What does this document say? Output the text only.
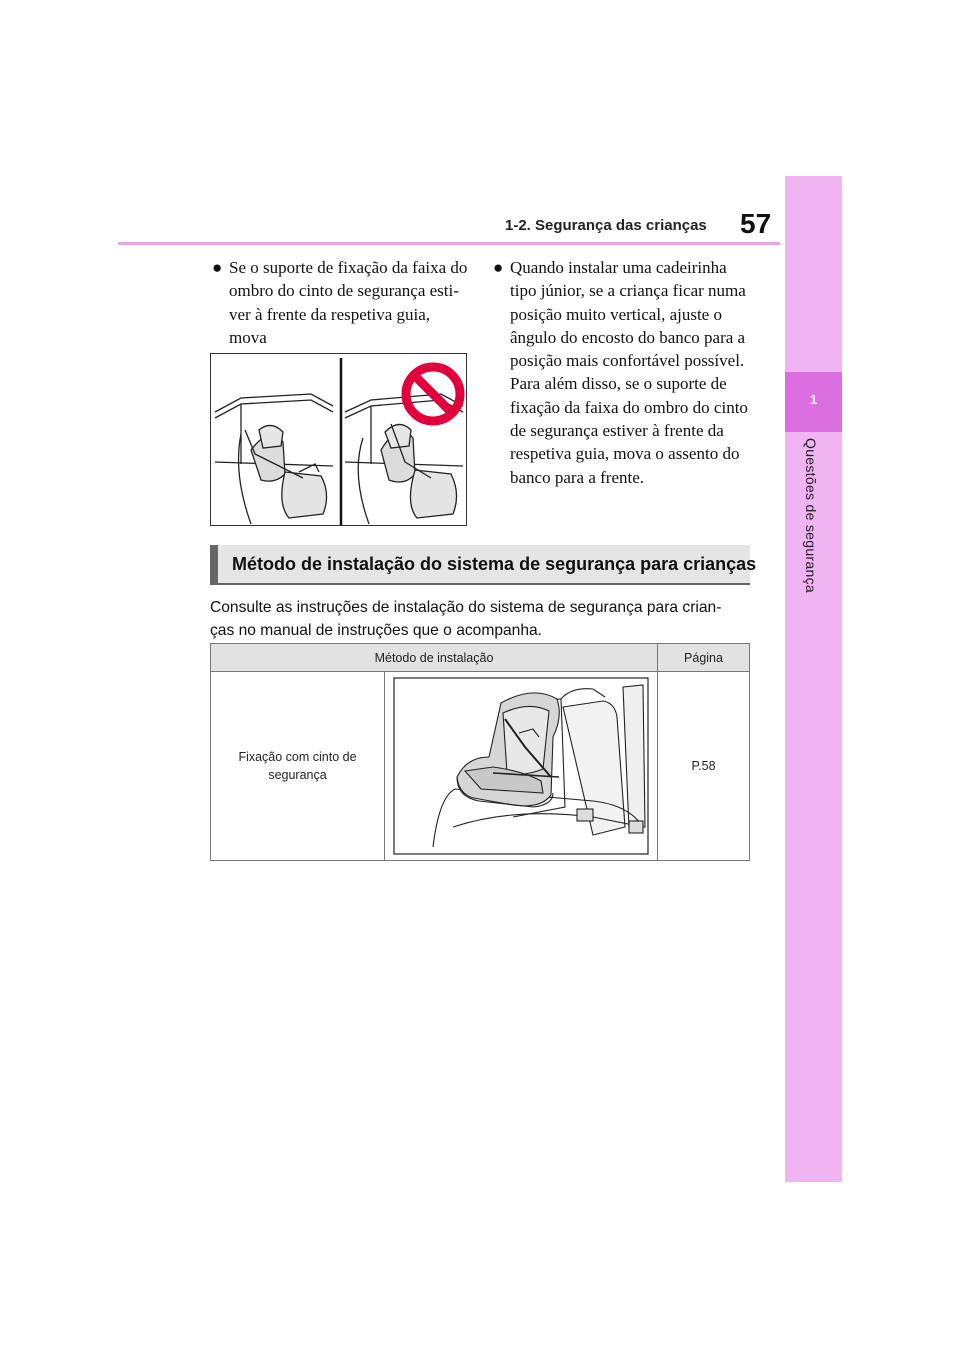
1
Questões de segurança
57
1-2. Segurança das crianças
● Se o suporte de fixação da faixa do
ombro do cinto de segurança esti-
ver à frente da respetiva guia, mova
● Quando instalar uma cadeirinha
tipo júnior, se a criança ficar numa
posição muito vertical, ajuste o
ângulo do encosto do banco para a
posição mais confortável possível.
Para além disso, se o suporte de
fixação da faixa do ombro do cinto
de segurança estiver à frente da
respetiva guia, mova o assento do
banco para a frente.
Método de instalação do sistema de segurança para crianças
Consulte as instruções de instalação do sistema de segurança para crian-
ças no manual de instruções que o acompanha.
Método de instalação		Página

Fixação com cinto de
segurança		P.58
